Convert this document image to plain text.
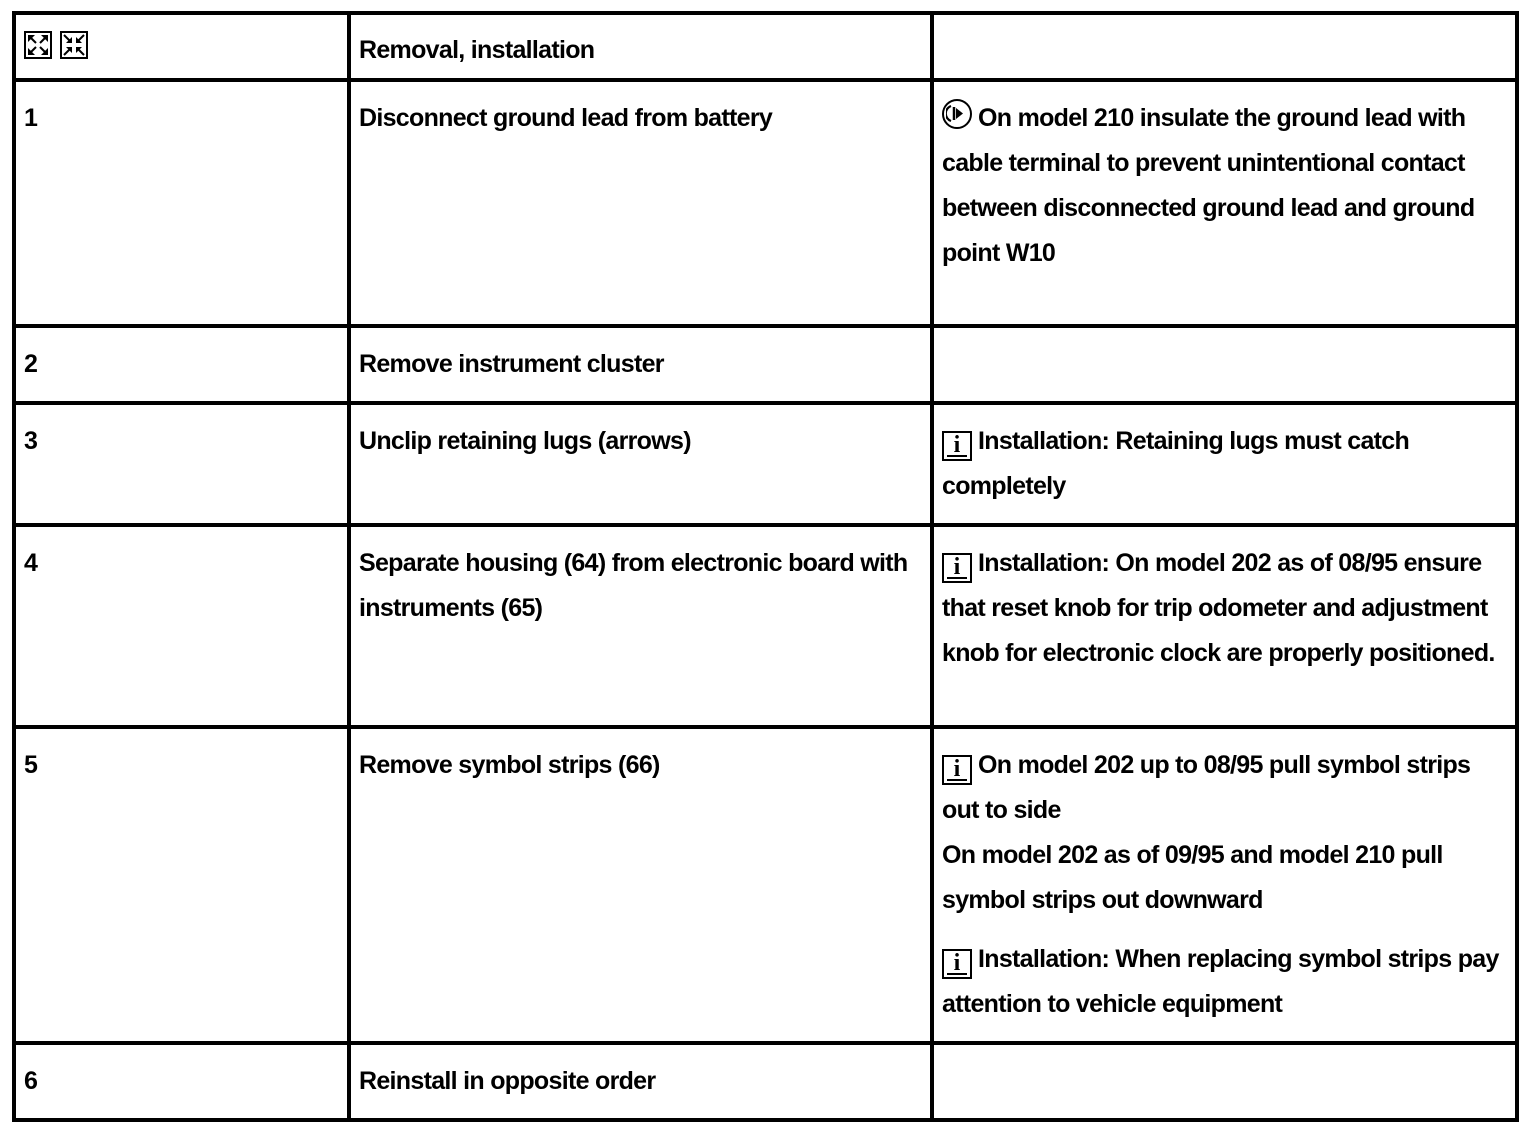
	Removal, installation	
1	Disconnect ground lead from battery	On model 210 insulate the ground lead with cable terminal to prevent unintentional contact between disconnected ground lead and ground point W10

2	Remove instrument cluster	
3	Unclip retaining lugs (arrows)	i Installation: Retaining lugs must catch completely

4	Separate housing (64) from electronic board with instruments (65)	i Installation: On model 202 as of 08/95 ensure that reset knob for trip odometer and adjustment knob for electronic clock are properly positioned.

5	Remove symbol strips (66)	i On model 202 up to 08/95 pull symbol strips out to side
On model 202 as of 09/95 and model 210 pull symbol strips out downward
i Installation: When replacing symbol strips pay attention to vehicle equipment

6	Reinstall in opposite order	
